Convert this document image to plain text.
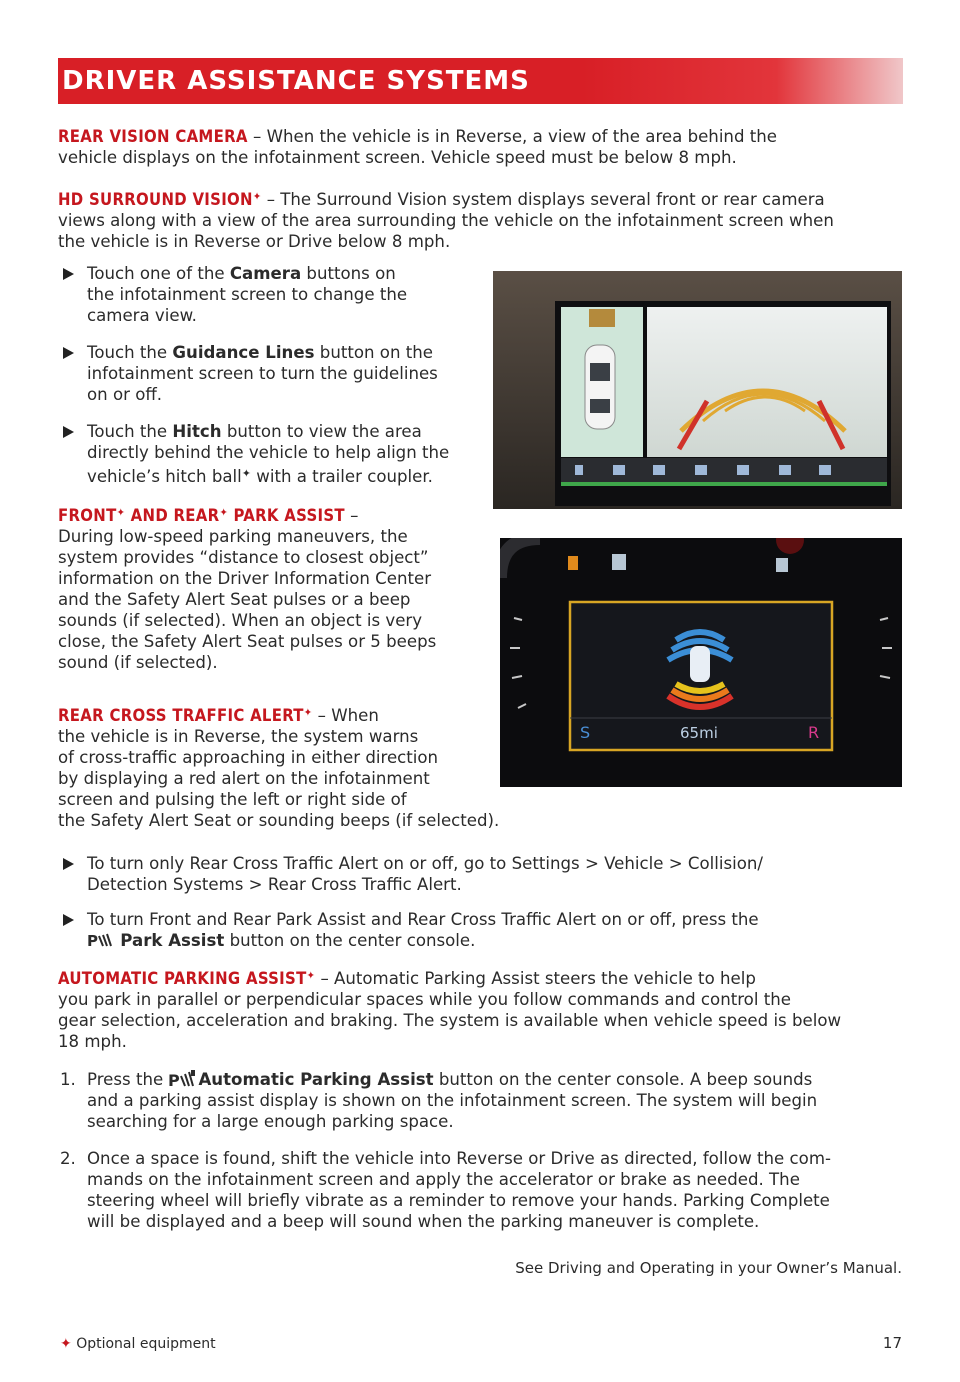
DRIVER ASSISTANCE SYSTEMS
REAR VISION CAMERA – When the vehicle is in Reverse, a view of the area behind the
vehicle displays on the infotainment screen. Vehicle speed must be below 8 mph.
HD SURROUND VISION✦ – The Surround Vision system displays several front or rear camera
views along with a view of the area surrounding the vehicle on the infotainment screen when
the vehicle is in Reverse or Drive below 8 mph.
Touch one of the Camera buttons on
the infotainment screen to change the
camera view.
Touch the Guidance Lines button on the
infotainment screen to turn the guidelines
on or off.
Touch the Hitch button to view the area
directly behind the vehicle to help align the
vehicle’s hitch ball✦ with a trailer coupler.
FRONT✦ AND REAR✦ PARK ASSIST –
During low-speed parking maneuvers, the
system provides “distance to closest object”
information on the Driver Information Center
and the Safety Alert Seat pulses or a beep
sounds (if selected). When an object is very
close, the Safety Alert Seat pulses or 5 beeps
sound (if selected).
REAR CROSS TRAFFIC ALERT✦ – When
the vehicle is in Reverse, the system warns
of cross-traffic approaching in either direction
by displaying a red alert on the infotainment
screen and pulsing the left or right side of
the Safety Alert Seat or sounding beeps (if selected).
To turn only Rear Cross Traffic Alert on or off, go to Settings > Vehicle > Collision/
Detection Systems > Rear Cross Traffic Alert.
To turn Front and Rear Park Assist and Rear Cross Traffic Alert on or off, press the
P Park Assist button on the center console.
AUTOMATIC PARKING ASSIST✦ – Automatic Parking Assist steers the vehicle to help
you park in parallel or perpendicular spaces while you follow commands and control the
gear selection, acceleration and braking. The system is available when vehicle speed is below
18 mph.
1. Press the P Automatic Parking Assist button on the center console. A beep sounds
and a parking assist display is shown on the infotainment screen. The system will begin
searching for a large enough parking space.
2. Once a space is found, shift the vehicle into Reverse or Drive as directed, follow the com-
mands on the infotainment screen and apply the accelerator or brake as needed. The
steering wheel will briefly vibrate as a reminder to remove your hands. Parking Complete
will be displayed and a beep will sound when the parking maneuver is complete.
See Driving and Operating in your Owner’s Manual.
S	65mi	R
✦ Optional equipment	17
